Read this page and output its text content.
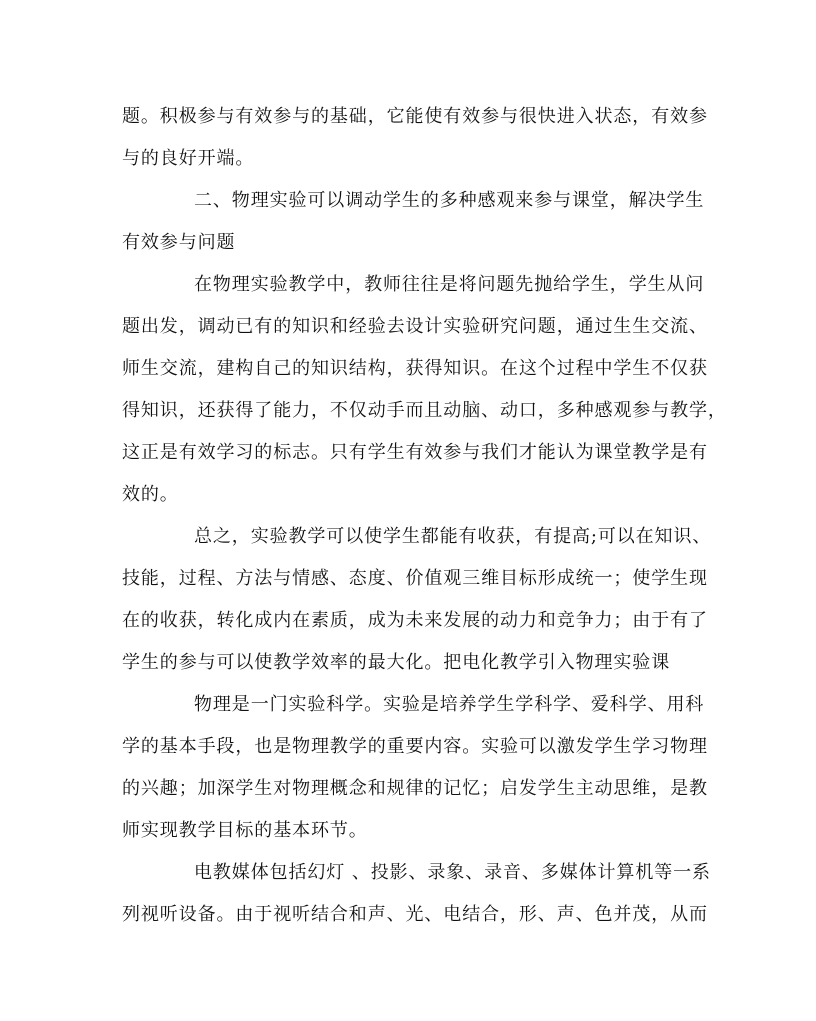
题。积极参与有效参与的基础，它能使有效参与很快进入状态，有效参
与的良好开端。
二、物理实验可以调动学生的多种感观来参与课堂，解决学生
有效参与问题
在物理实验教学中，教师往往是将问题先抛给学生，学生从问
题出发，调动已有的知识和经验去设计实验研究问题，通过生生交流、
师生交流，建构自己的知识结构，获得知识。在这个过程中学生不仅获
得知识，还获得了能力，不仅动手而且动脑、动口，多种感观参与教学，
这正是有效学习的标志。只有学生有效参与我们才能认为课堂教学是有
效的。
总之，实验教学可以使学生都能有收获，有提高;可以在知识、
技能，过程、方法与情感、态度、价值观三维目标形成统一；使学生现
在的收获，转化成内在素质，成为未来发展的动力和竞争力；由于有了
学生的参与可以使教学效率的最大化。把电化教学引入物理实验课
物理是一门实验科学。实验是培养学生学科学、爱科学、用科
学的基本手段，也是物理教学的重要内容。实验可以激发学生学习物理
的兴趣；加深学生对物理概念和规律的记忆；启发学生主动思维，是教
师实现教学目标的基本环节。
电教媒体包括幻灯 、投影、录象、录音、多媒体计算机等一系
列视听设备。由于视听结合和声、光、电结合，形、声、色并茂，从而
